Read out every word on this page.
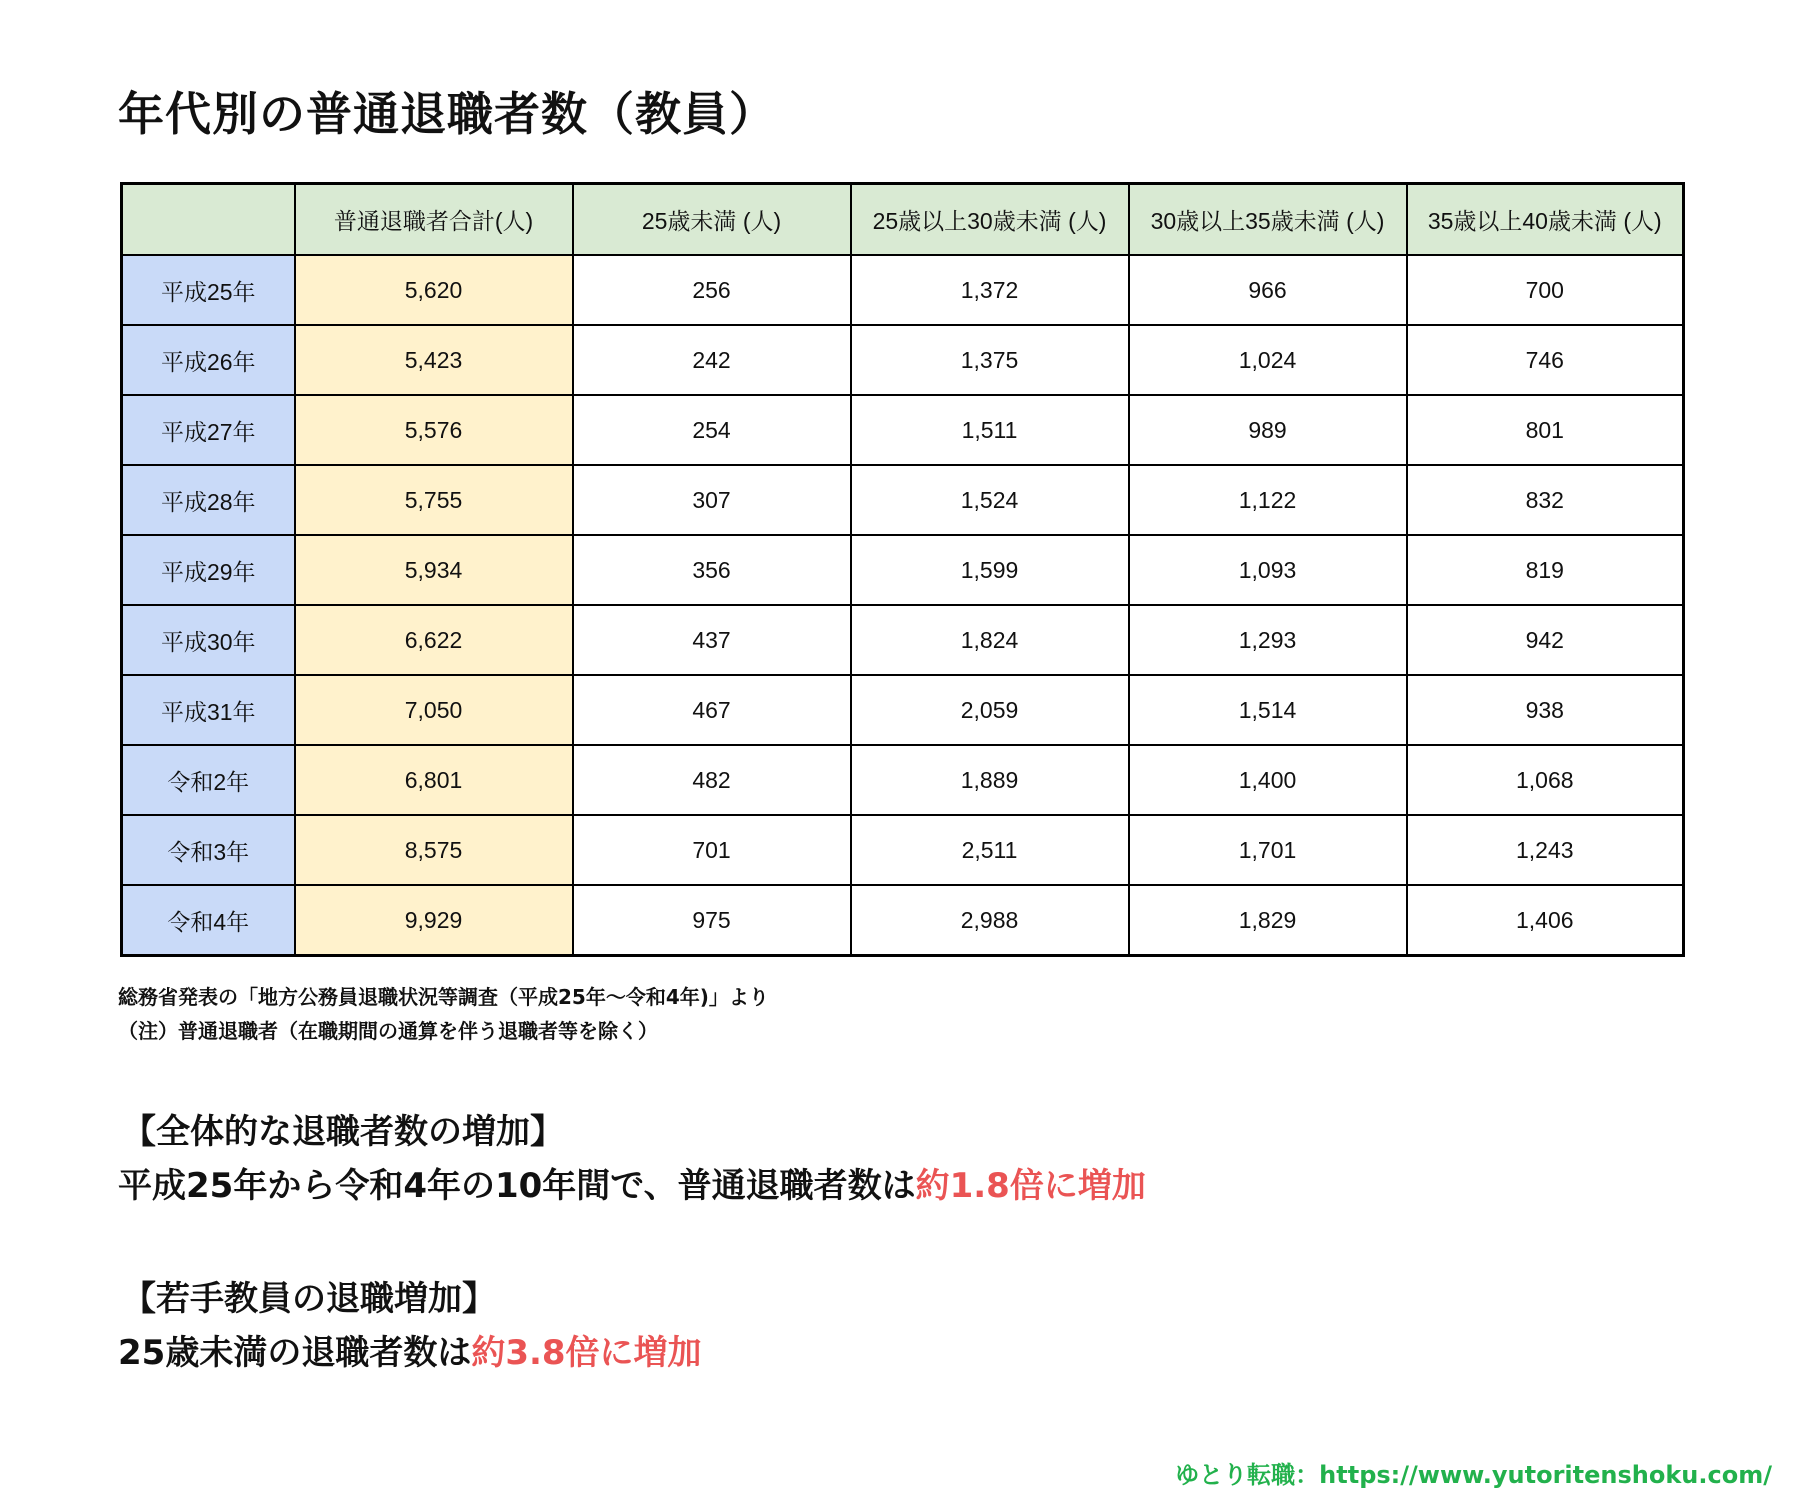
年代別の普通退職者数（教員）
	普通退職者合計(人)	25歳未満 (人)	25歳以上30歳未満 (人)	30歳以上35歳未満 (人)	35歳以上40歳未満 (人)
平成25年	5,620	256	1,372	966	700
平成26年	5,423	242	1,375	1,024	746
平成27年	5,576	254	1,511	989	801
平成28年	5,755	307	1,524	1,122	832
平成29年	5,934	356	1,599	1,093	819
平成30年	6,622	437	1,824	1,293	942
平成31年	7,050	467	2,059	1,514	938
令和2年	6,801	482	1,889	1,400	1,068
令和3年	8,575	701	2,511	1,701	1,243
令和4年	9,929	975	2,988	1,829	1,406
総務省発表の「地方公務員退職状況等調査（平成25年〜令和4年)」より
（注）普通退職者（在職期間の通算を伴う退職者等を除く）
【全体的な退職者数の増加】
平成25年から令和4年の10年間で、普通退職者数は約1.8倍に増加
【若手教員の退職増加】
25歳未満の退職者数は約3.8倍に増加
ゆとり転職：https://www.yutoritenshoku.com/
